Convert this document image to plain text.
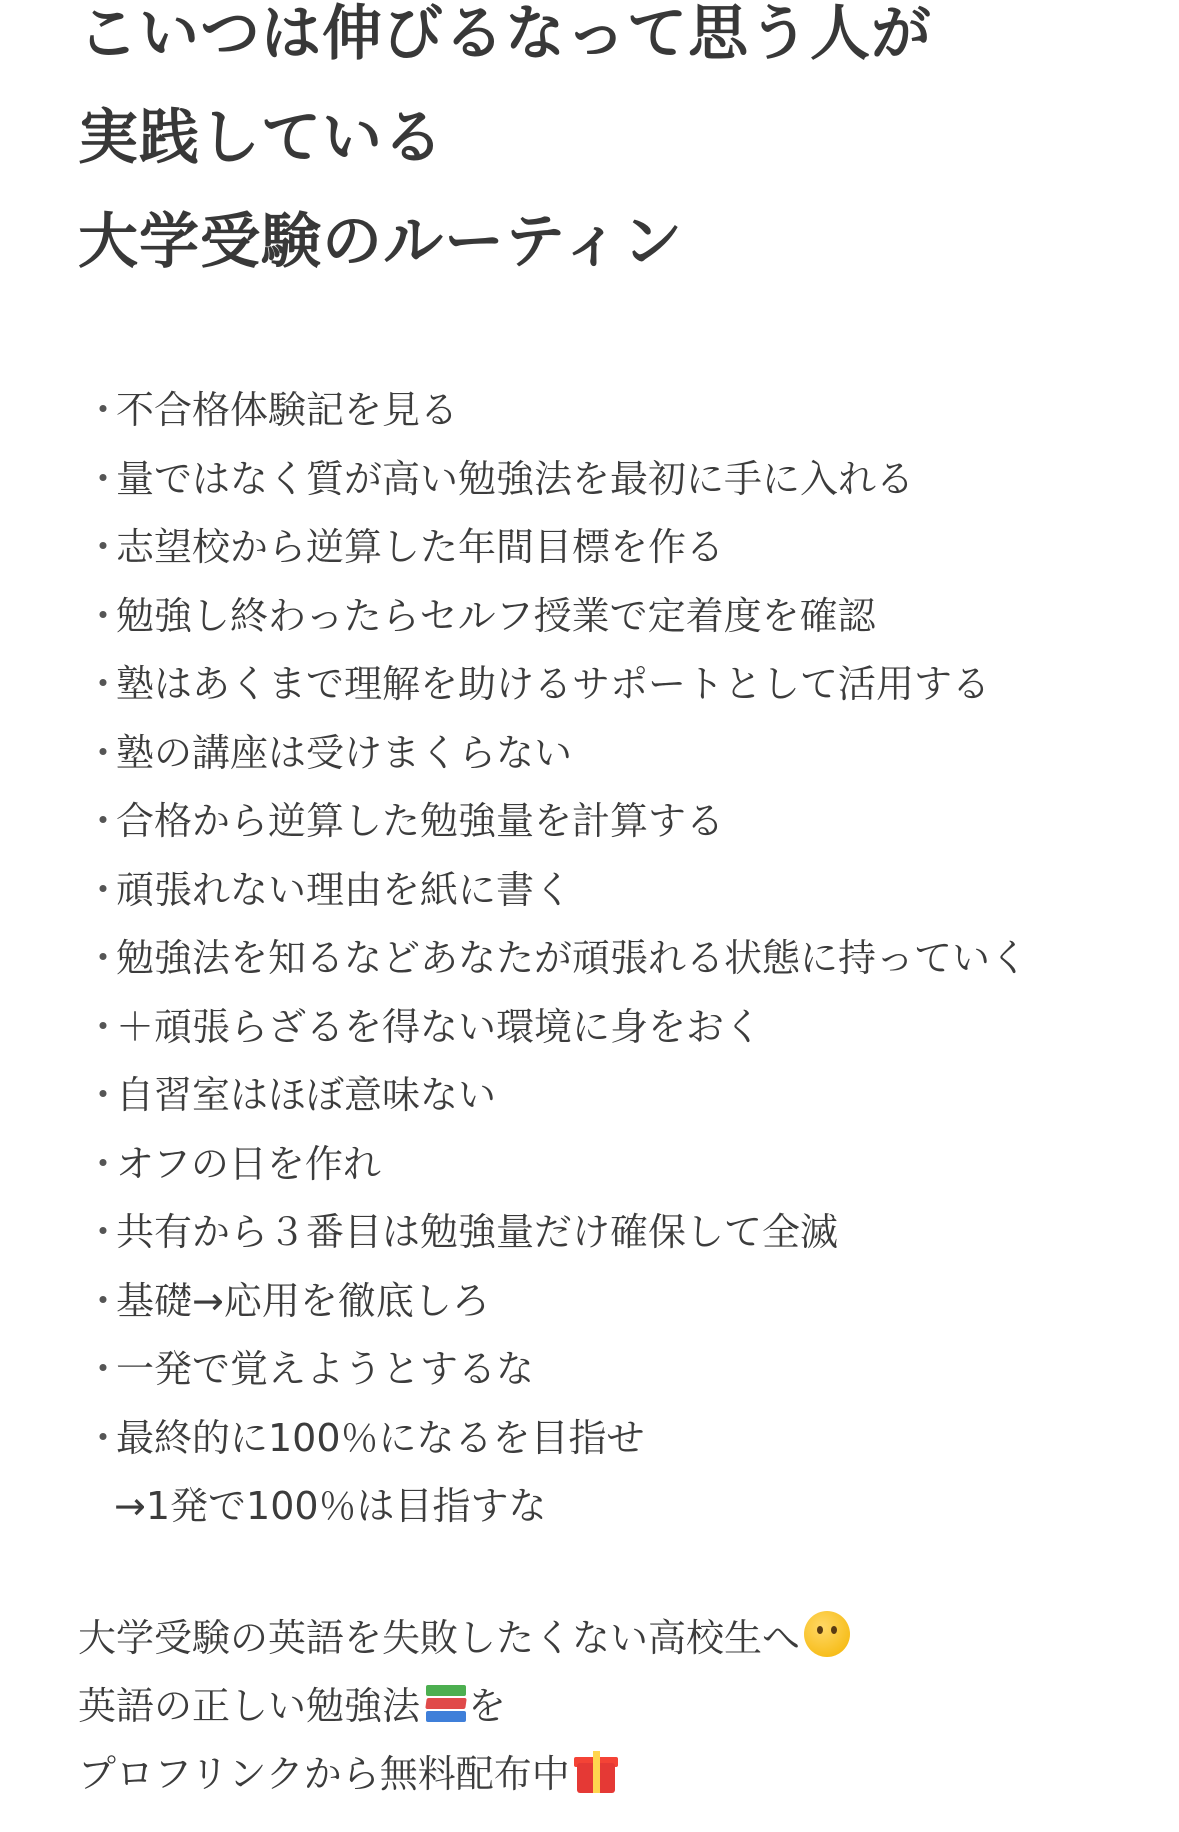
こいつは伸びるなって思う人が
実践している
大学受験のルーティン
・
不合格体験記を見る
・
量ではなく質が高い勉強法を最初に手に入れる
・
志望校から逆算した年間目標を作る
・
勉強し終わったらセルフ授業で定着度を確認
・
塾はあくまで理解を助けるサポートとして活用する
・
塾の講座は受けまくらない
・
合格から逆算した勉強量を計算する
・
頑張れない理由を紙に書く
・
勉強法を知るなどあなたが頑張れる状態に持っていく
・
＋頑張らざるを得ない環境に身をおく
・
自習室はほぼ意味ない
・
オフの日を作れ
・
共有から３番目は勉強量だけ確保して全滅
・
基礎→応用を徹底しろ
・
一発で覚えようとするな
・
最終的に100％になるを目指せ
→1発で100％は目指すな
大学受験の英語を失敗したくない高校生へ
英語の正しい勉強法 を
プロフリンクから無料配布中
